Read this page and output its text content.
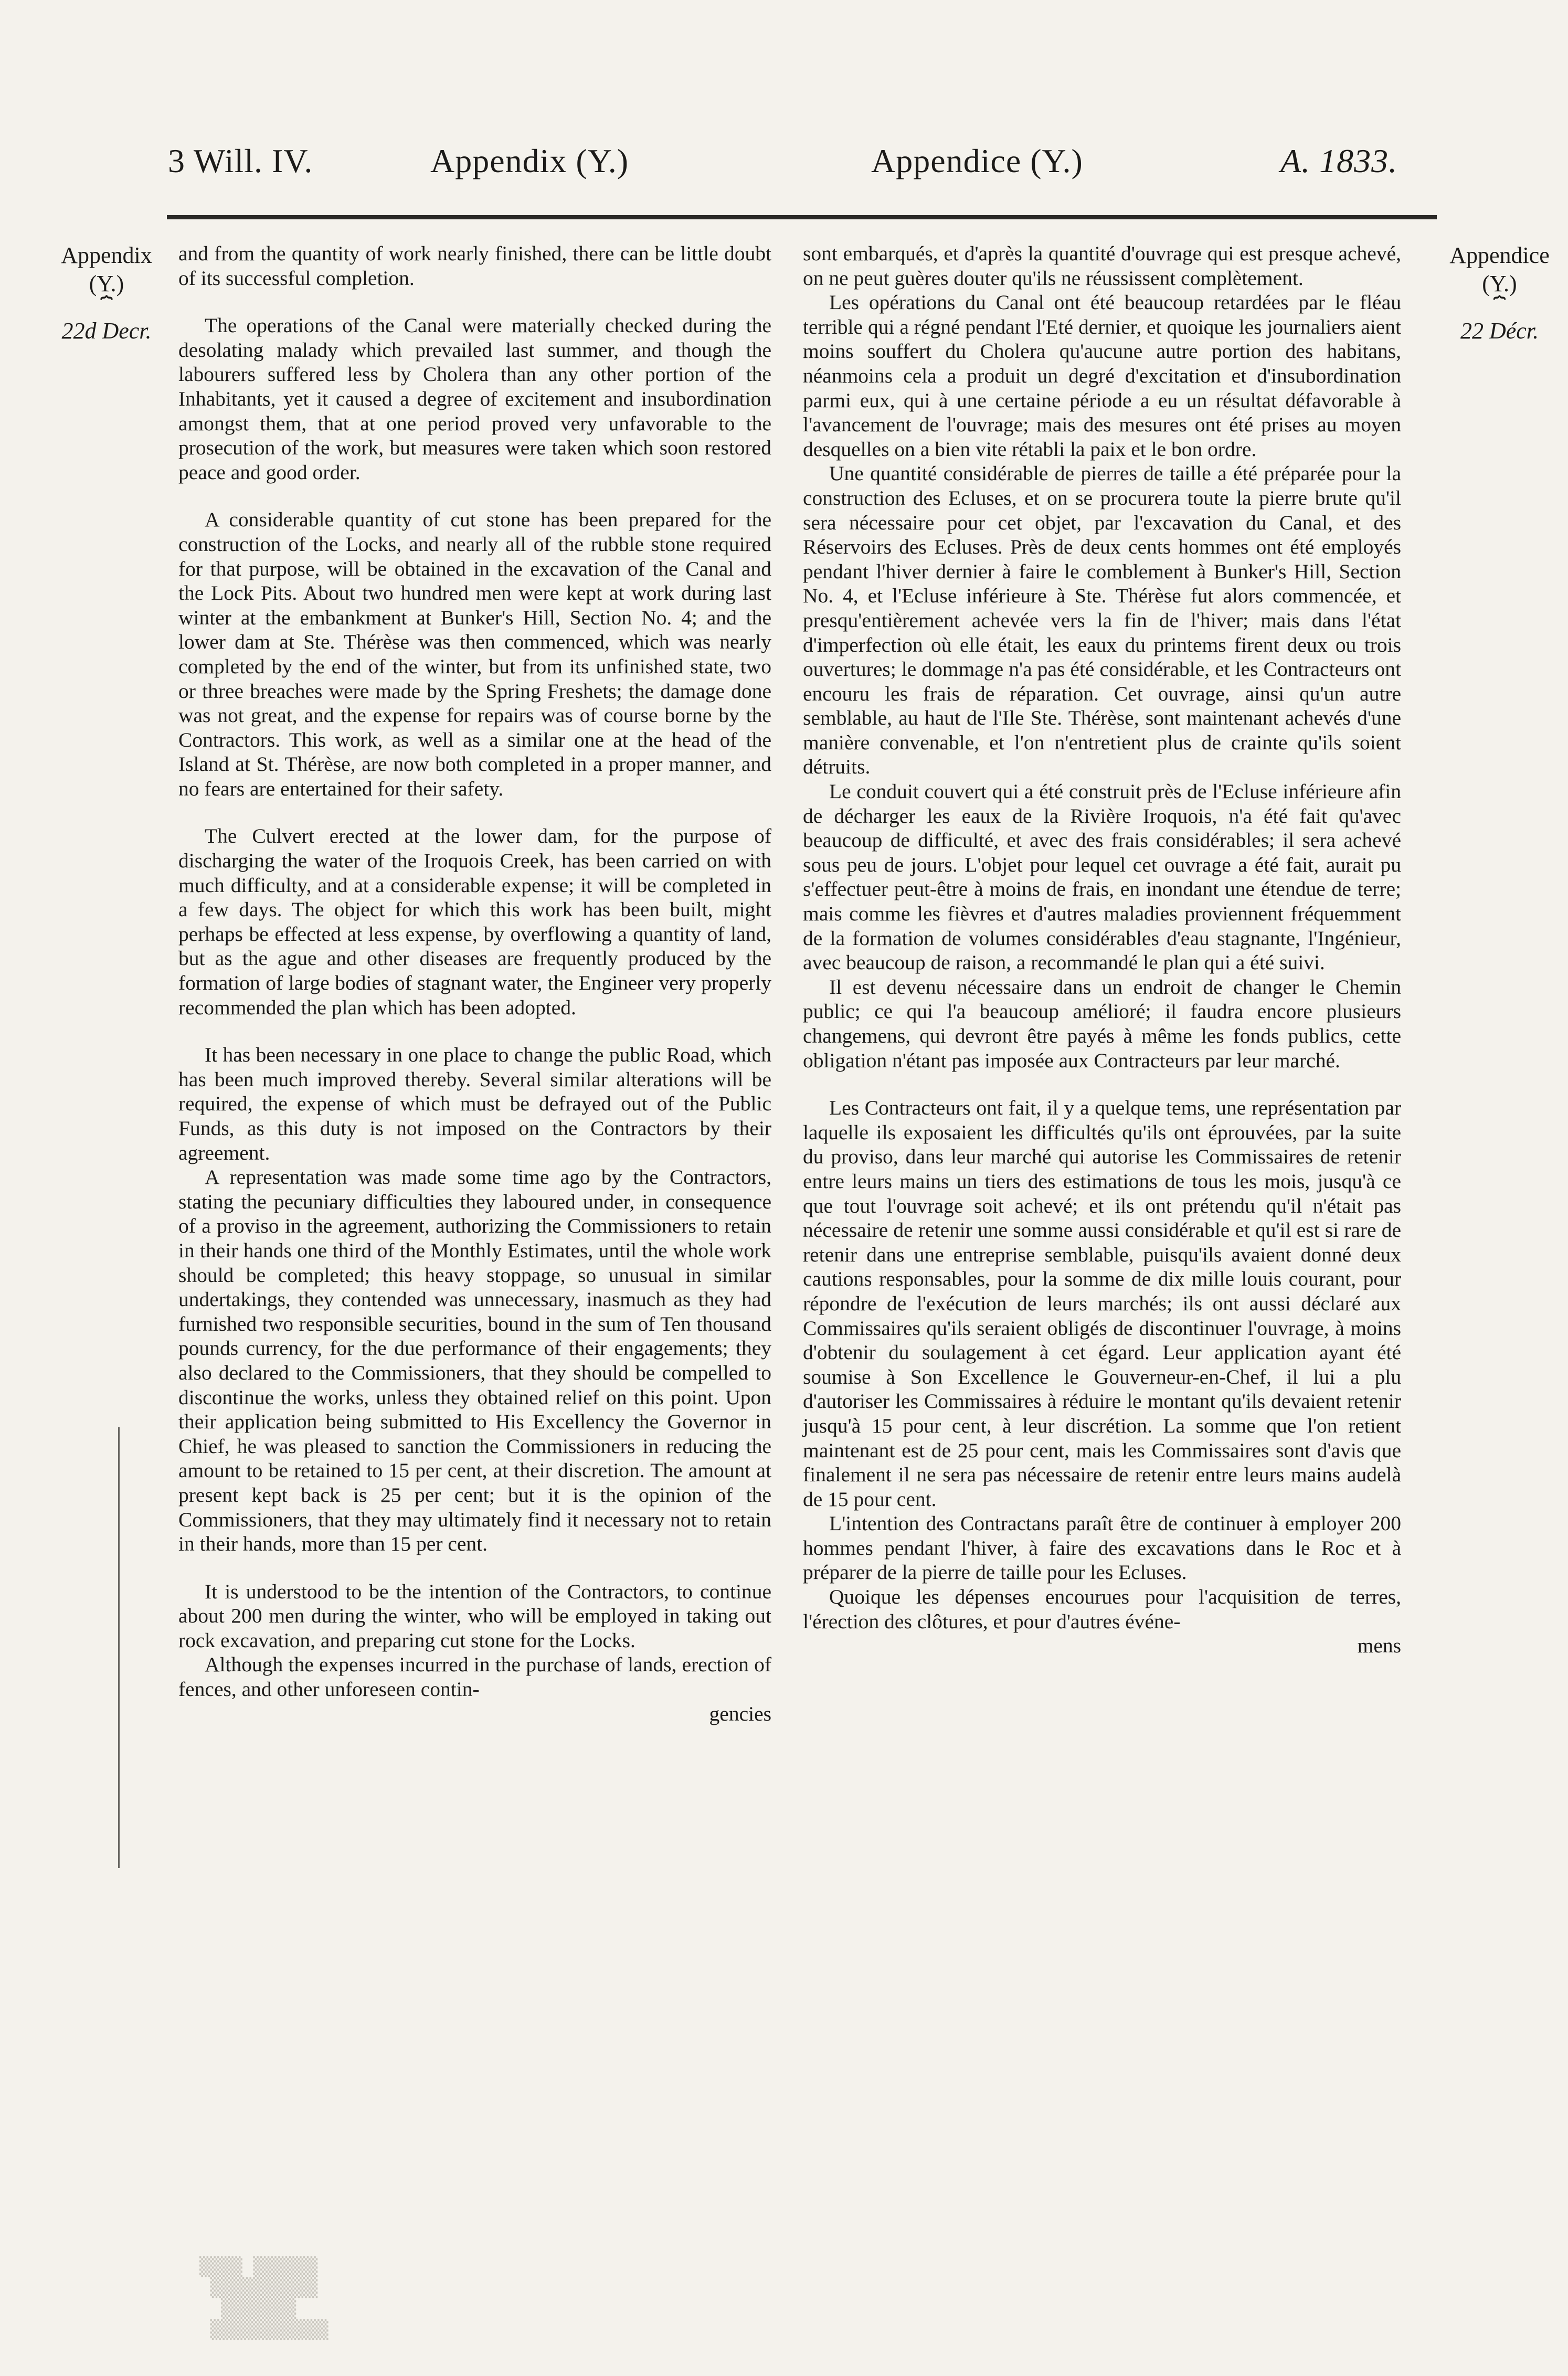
3 Will. IV.	Appendix (Y.)	Appendice (Y.)	A. 1833.
Appendix
(Y.)
⏞
22d Decr.
Appendice
(Y.)
⏞
22 Décr.

and from the quantity of work nearly finished, there can be little doubt of its successful completion.

The operations of the Canal were materially checked during the desolating malady which prevailed last summer, and though the labourers suffered less by Cholera than any other portion of the Inhabitants, yet it caused a degree of excitement and insubordination amongst them, that at one period proved very unfavorable to the prosecution of the work, but measures were taken which soon restored peace and good order.

A considerable quantity of cut stone has been prepared for the construction of the Locks, and nearly all of the rubble stone required for that purpose, will be obtained in the excavation of the Canal and the Lock Pits. About two hundred men were kept at work during last winter at the embankment at Bunker's Hill, Section No. 4; and the lower dam at Ste. Thérèse was then commenced, which was nearly completed by the end of the winter, but from its unfinished state, two or three breaches were made by the Spring Freshets; the damage done was not great, and the expense for repairs was of course borne by the Contractors. This work, as well as a similar one at the head of the Island at St. Thérèse, are now both completed in a proper manner, and no fears are entertained for their safety.

The Culvert erected at the lower dam, for the purpose of discharging the water of the Iroquois Creek, has been carried on with much difficulty, and at a considerable expense; it will be completed in a few days. The object for which this work has been built, might perhaps be effected at less expense, by overflowing a quantity of land, but as the ague and other diseases are frequently produced by the formation of large bodies of stagnant water, the Engineer very properly recommended the plan which has been adopted.

It has been necessary in one place to change the public Road, which has been much improved thereby. Several similar alterations will be required, the expense of which must be defrayed out of the Public Funds, as this duty is not imposed on the Contractors by their agreement.

A representation was made some time ago by the Contractors, stating the pecuniary difficulties they laboured under, in consequence of a proviso in the agreement, authorizing the Commissioners to retain in their hands one third of the Monthly Estimates, until the whole work should be completed; this heavy stoppage, so unusual in similar undertakings, they contended was unnecessary, inasmuch as they had furnished two responsible securities, bound in the sum of Ten thousand pounds currency, for the due performance of their engagements; they also declared to the Commissioners, that they should be compelled to discontinue the works, unless they obtained relief on this point. Upon their application being submitted to His Excellency the Governor in Chief, he was pleased to sanction the Commissioners in reducing the amount to be retained to 15 per cent, at their discretion. The amount at present kept back is 25 per cent; but it is the opinion of the Commissioners, that they may ultimately find it necessary not to retain in their hands, more than 15 per cent.

It is understood to be the intention of the Contractors, to continue about 200 men during the winter, who will be employed in taking out rock excavation, and preparing cut stone for the Locks.

Although the expenses incurred in the purchase of lands, erection of fences, and other unforeseen contin-

gencies

sont embarqués, et d'après la quantité d'ouvrage qui est presque achevé, on ne peut guères douter qu'ils ne réussissent complètement.

Les opérations du Canal ont été beaucoup retardées par le fléau terrible qui a régné pendant l'Eté dernier, et quoique les journaliers aient moins souffert du Cholera qu'aucune autre portion des habitans, néanmoins cela a produit un degré d'excitation et d'insubordination parmi eux, qui à une certaine période a eu un résultat défavorable à l'avancement de l'ouvrage; mais des mesures ont été prises au moyen desquelles on a bien vite rétabli la paix et le bon ordre.

Une quantité considérable de pierres de taille a été préparée pour la construction des Ecluses, et on se procurera toute la pierre brute qu'il sera nécessaire pour cet objet, par l'excavation du Canal, et des Réservoirs des Ecluses. Près de deux cents hommes ont été employés pendant l'hiver dernier à faire le comblement à Bunker's Hill, Section No. 4, et l'Ecluse inférieure à Ste. Thérèse fut alors commencée, et presqu'entièrement achevée vers la fin de l'hiver; mais dans l'état d'imperfection où elle était, les eaux du printems firent deux ou trois ouvertures; le dommage n'a pas été considérable, et les Contracteurs ont encouru les frais de réparation. Cet ouvrage, ainsi qu'un autre semblable, au haut de l'Ile Ste. Thérèse, sont maintenant achevés d'une manière convenable, et l'on n'entretient plus de crainte qu'ils soient détruits.

Le conduit couvert qui a été construit près de l'Ecluse inférieure afin de décharger les eaux de la Rivière Iroquois, n'a été fait qu'avec beaucoup de difficulté, et avec des frais considérables; il sera achevé sous peu de jours. L'objet pour lequel cet ouvrage a été fait, aurait pu s'effectuer peut-être à moins de frais, en inondant une étendue de terre; mais comme les fièvres et d'autres maladies proviennent fréquemment de la formation de volumes considérables d'eau stagnante, l'Ingénieur, avec beaucoup de raison, a recommandé le plan qui a été suivi.

Il est devenu nécessaire dans un endroit de changer le Chemin public; ce qui l'a beaucoup amélioré; il faudra encore plusieurs changemens, qui devront être payés à même les fonds publics, cette obligation n'étant pas imposée aux Contracteurs par leur marché.

Les Contracteurs ont fait, il y a quelque tems, une représentation par laquelle ils exposaient les difficultés qu'ils ont éprouvées, par la suite du proviso, dans leur marché qui autorise les Commissaires de retenir entre leurs mains un tiers des estimations de tous les mois, jusqu'à ce que tout l'ouvrage soit achevé; et ils ont prétendu qu'il n'était pas nécessaire de retenir une somme aussi considérable et qu'il est si rare de retenir dans une entreprise semblable, puisqu'ils avaient donné deux cautions responsables, pour la somme de dix mille louis courant, pour répondre de l'exécution de leurs marchés; ils ont aussi déclaré aux Commissaires qu'ils seraient obligés de discontinuer l'ouvrage, à moins d'obtenir du soulagement à cet égard. Leur application ayant été soumise à Son Excellence le Gouverneur-en-Chef, il lui a plu d'autoriser les Commissaires à réduire le montant qu'ils devaient retenir jusqu'à 15 pour cent, à leur discrétion. La somme que l'on retient maintenant est de 25 pour cent, mais les Commissaires sont d'avis que finalement il ne sera pas nécessaire de retenir entre leurs mains audelà de 15 pour cent.

L'intention des Contractans paraît être de continuer à employer 200 hommes pendant l'hiver, à faire des excavations dans le Roc et à préparer de la pierre de taille pour les Ecluses.

Quoique les dépenses encourues pour l'acquisition de terres, l'érection des clôtures, et pour d'autres événe-

mens

▒▒▒▒ ▒▒▒▒▒▒
▒▒▒▒▒▒▒▒▒▒
▒▒▒▒▒▒▒
▒▒▒▒▒▒▒▒▒▒▒
